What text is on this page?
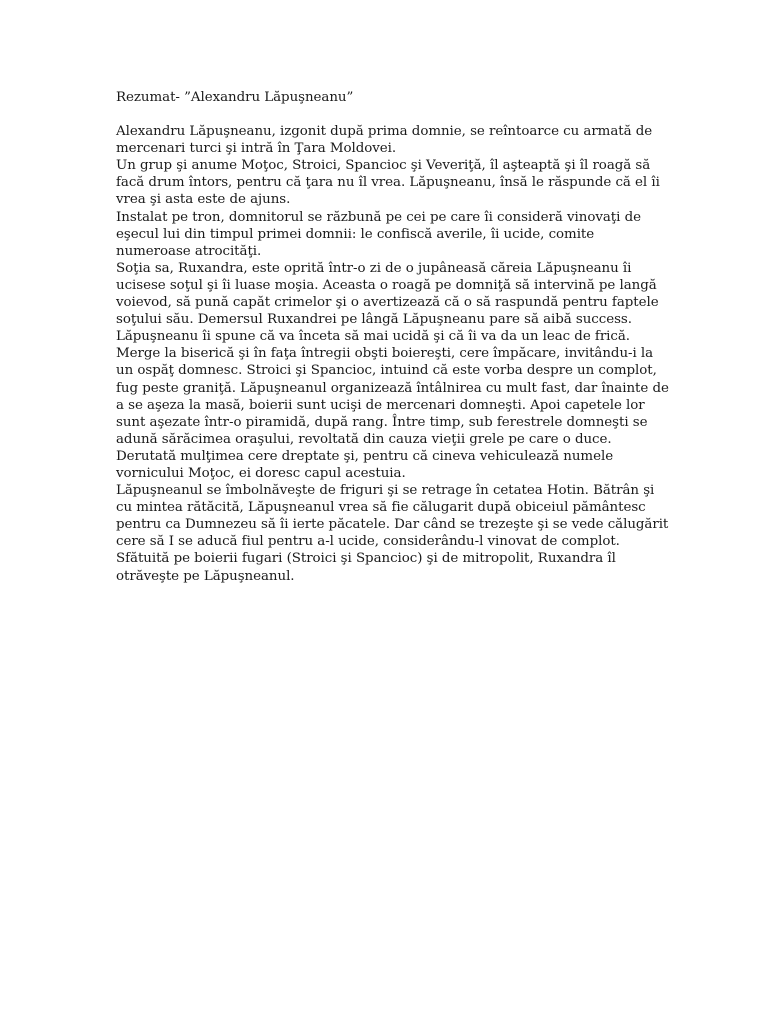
Rezumat- ”Alexandru Lăpuşneanu”
Alexandru Lăpuşneanu, izgonit după prima domnie, se reîntoarce cu armată de
mercenari turci şi intră în Ţara Moldovei.
Un grup şi anume Moţoc, Stroici, Spancioc şi Veveriţă, îl aşteaptă şi îl roagă să
facă drum întors, pentru că ţara nu îl vrea. Lăpuşneanu, însă le răspunde că el îi
vrea şi asta este de ajuns.
Instalat pe tron, domnitorul se răzbună pe cei pe care îi consideră vinovaţi de
eşecul lui din timpul primei domnii: le confiscă averile, îi ucide, comite
numeroase atrocităţi.
Soţia sa, Ruxandra, este oprită într-o zi de o jupâneasă căreia Lăpuşneanu îi
ucisese soţul şi îi luase moşia. Aceasta o roagă pe domniţă să intervină pe langă
voievod, să pună capăt crimelor şi o avertizează că o să raspundă pentru faptele
soţului său. Demersul Ruxandrei pe lângă Lăpuşneanu pare să aibă success.
Lăpuşneanu îi spune că va înceta să mai ucidă şi că îi va da un leac de frică.
Merge la biserică şi în faţa întregii obşti boiereşti, cere împăcare, invitându-i la
un ospăţ domnesc. Stroici şi Spancioc, intuind că este vorba despre un complot,
fug peste graniţă. Lăpuşneanul organizează întâlnirea cu mult fast, dar înainte de
a se aşeza la masă, boierii sunt ucişi de mercenari domneşti. Apoi capetele lor
sunt aşezate într-o piramidă, după rang. Între timp, sub ferestrele domneşti se
adună sărăcimea oraşului, revoltată din cauza vieţii grele pe care o duce.
Derutată mulţimea cere dreptate şi, pentru că cineva vehiculează numele
vornicului Moţoc, ei doresc capul acestuia.
Lăpuşneanul se îmbolnăveşte de friguri şi se retrage în cetatea Hotin. Bătrân şi
cu mintea rătăcită, Lăpuşneanul vrea să fie călugarit după obiceiul pământesc
pentru ca Dumnezeu să îi ierte păcatele. Dar când se trezeşte şi se vede călugărit
cere să I se aducă fiul pentru a-l ucide, considerându-l vinovat de complot.
Sfătuită pe boierii fugari (Stroici şi Spancioc) şi de mitropolit, Ruxandra îl
otrăveşte pe Lăpuşneanul.
